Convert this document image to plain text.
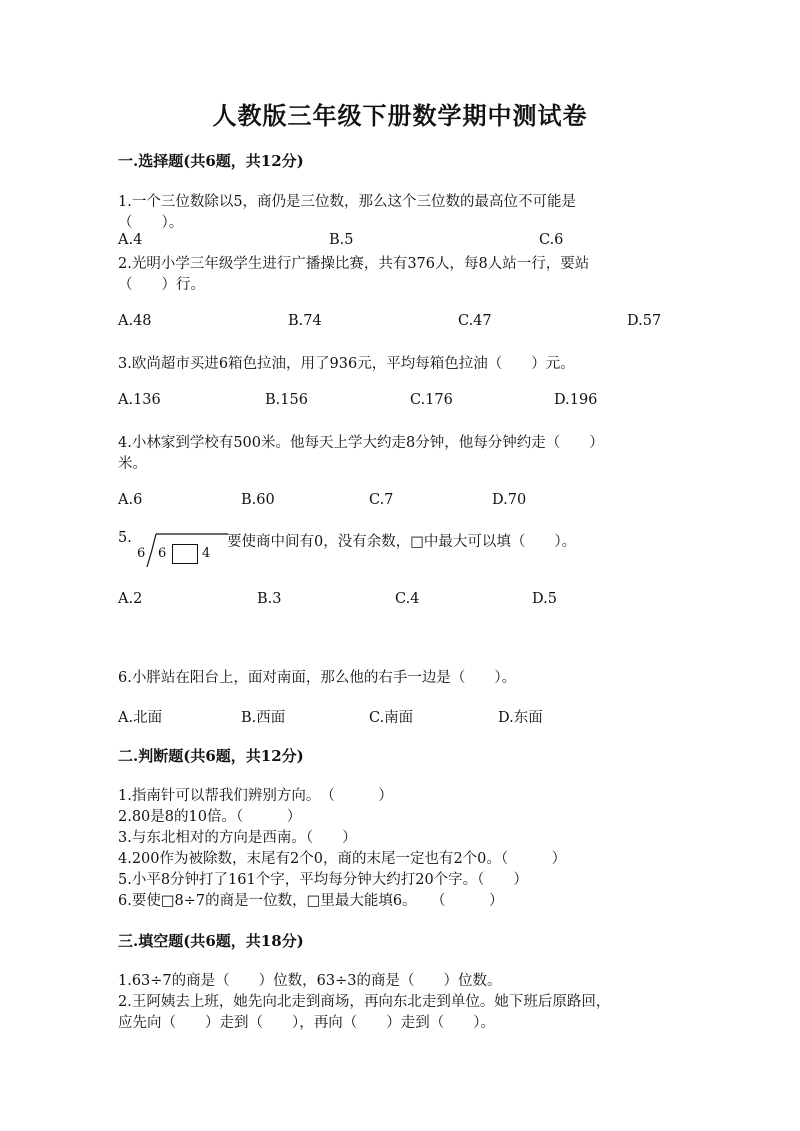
人教版三年级下册数学期中测试卷
一.选择题(共6题，共12分)
1.一个三位数除以5，商仍是三位数，那么这个三位数的最高位不可能是
（　　）。
A.4	B.5	C.6
2.光明小学三年级学生进行广播操比赛，共有376人，每8人站一行，要站
（　　）行。
A.48	B.74	C.47	D.57
3.欧尚超市买进6箱色拉油，用了936元，平均每箱色拉油（　　）元。
A.136	B.156	C.176	D.196
4.小林家到学校有500米。他每天上学大约走8分钟，他每分钟约走（　　）
米。
A.6	B.60	C.7	D.70
5.
6 6	4
要使商中间有0，没有余数，□中最大可以填（　　）。
A.2	B.3	C.4	D.5
6.小胖站在阳台上，面对南面，那么他的右手一边是（　　）。
A.北面	B.西面	C.南面	D.东面
二.判断题(共6题，共12分)
1.指南针可以帮我们辨别方向。　（　　　）
2.80是8的10倍。（　　　）
3.与东北相对的方向是西南。（　　）
4.200作为被除数，末尾有2个0，商的末尾一定也有2个0。（　　　）
5.小平8分钟打了161个字，平均每分钟大约打20个字。（　　）
6.要使□8÷7的商是一位数，□里最大能填6。　　（　　　）
三.填空题(共6题，共18分)
1.63÷7的商是（　　）位数，63÷3的商是（　　）位数。
2.王阿姨去上班，她先向北走到商场，再向东北走到单位。她下班后原路回，
应先向（　　）走到（　　），再向（　　）走到（　　）。
